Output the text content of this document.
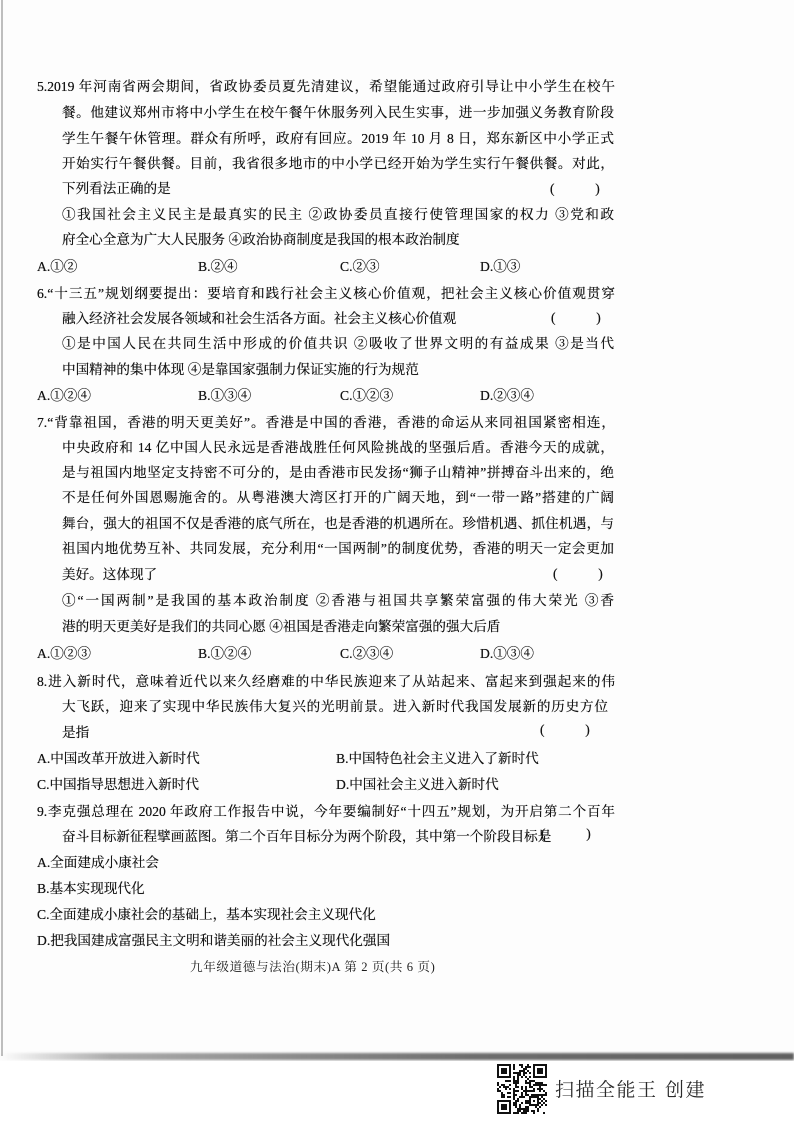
5.2019 年河南省两会期间，省政协委员夏先清建议，希望能通过政府引导让中小学生在校午
餐。他建议郑州市将中小学生在校午餐午休服务列入民生实事，进一步加强义务教育阶段
学生午餐午休管理。群众有所呼，政府有回应。2019 年 10 月 8 日，郑东新区中小学正式
开始实行午餐供餐。目前，我省很多地市的中小学已经开始为学生实行午餐供餐。对此，
下列看法正确的是	(　　　)
①我国社会主义民主是最真实的民主 ②政协委员直接行使管理国家的权力 ③党和政
府全心全意为广大人民服务 ④政治协商制度是我国的根本政治制度
A.①②	B.②④	C.②③	D.①③
6.“十三五”规划纲要提出：要培育和践行社会主义核心价值观，把社会主义核心价值观贯穿
融入经济社会发展各领域和社会生活各方面。社会主义核心价值观	(　　　)
①是中国人民在共同生活中形成的价值共识 ②吸收了世界文明的有益成果 ③是当代
中国精神的集中体现 ④是靠国家强制力保证实施的行为规范
A.①②④	B.①③④	C.①②③	D.②③④
7.“背靠祖国，香港的明天更美好”。香港是中国的香港，香港的命运从来同祖国紧密相连，
中央政府和 14 亿中国人民永远是香港战胜任何风险挑战的坚强后盾。香港今天的成就，
是与祖国内地坚定支持密不可分的，是由香港市民发扬“狮子山精神”拼搏奋斗出来的，绝
不是任何外国恩赐施舍的。从粤港澳大湾区打开的广阔天地，到“一带一路”搭建的广阔
舞台，强大的祖国不仅是香港的底气所在，也是香港的机遇所在。珍惜机遇、抓住机遇，与
祖国内地优势互补、共同发展，充分利用“一国两制”的制度优势，香港的明天一定会更加
美好。这体现了	(　　　)
①“一国两制”是我国的基本政治制度 ②香港与祖国共享繁荣富强的伟大荣光 ③香
港的明天更美好是我们的共同心愿 ④祖国是香港走向繁荣富强的强大后盾
A.①②③	B.①②④	C.②③④	D.①③④
8.进入新时代，意味着近代以来久经磨难的中华民族迎来了从站起来、富起来到强起来的伟
大飞跃，迎来了实现中华民族伟大复兴的光明前景。进入新时代我国发展新的历史方位
是指	(　　　)
A.中国改革开放进入新时代	B.中国特色社会主义进入了新时代
C.中国指导思想进入新时代	D.中国社会主义进入新时代
9.李克强总理在 2020 年政府工作报告中说，今年要编制好“十四五”规划，为开启第二个百年
奋斗目标新征程擘画蓝图。第二个百年目标分为两个阶段，其中第一个阶段目标是
(　　　)
A.全面建成小康社会
B.基本实现现代化
C.全面建成小康社会的基础上，基本实现社会主义现代化
D.把我国建成富强民主文明和谐美丽的社会主义现代化强国
九年级道德与法治(期末)A 第 2 页(共 6 页)
扫描全能王 创建
